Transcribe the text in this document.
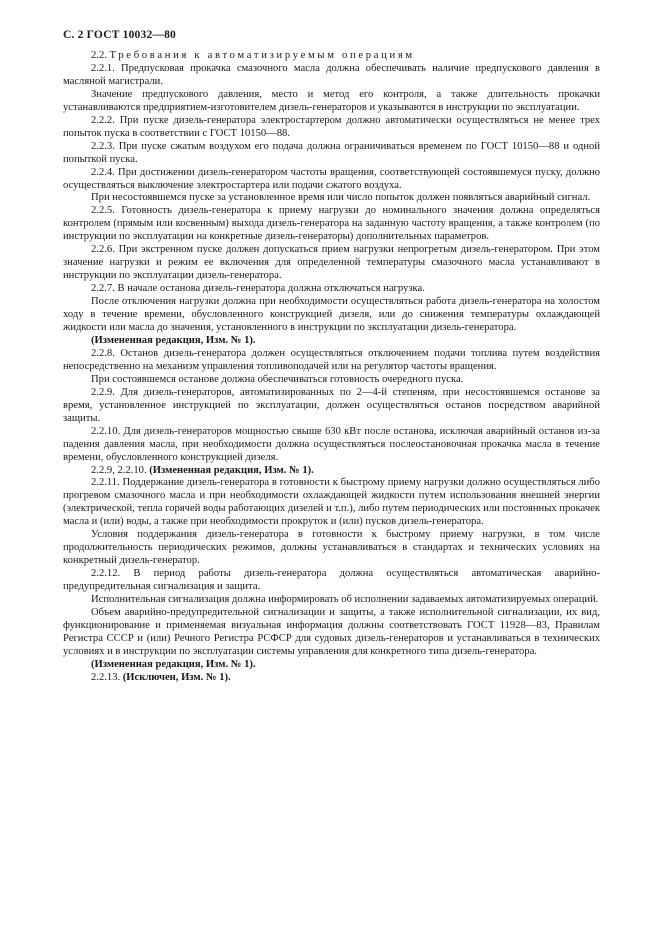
С. 2 ГОСТ 10032—80

2.2. Требования к автоматизируемым операциям

2.2.1. Предпусковая прокачка смазочного масла должна обеспечивать наличие предпускового давления в масляной магистрали.

Значение предпускового давления, место и метод его контроля, а также длительность прокачки устанавливаются предприятием-изготовителем дизель-генераторов и указываются в инструкции по эксплуатации.

2.2.2. При пуске дизель-генератора электростартером должно автоматически осуществляться не менее трех попыток пуска в соответствии с ГОСТ 10150—88.

2.2.3. При пуске сжатым воздухом его подача должна ограничиваться временем по ГОСТ 10150—88 и одной попыткой пуска.

2.2.4. При достижении дизель-генератором частоты вращения, соответствующей состоявшемуся пуску, должно осуществляться выключение электростартера или подачи сжатого воздуха.

При несостоявшемся пуске за установленное время или число попыток должен появляться аварийный сигнал.

2.2.5. Готовность дизель-генератора к приему нагрузки до номинального значения должна определяться контролем (прямым или косвенным) выхода дизель-генератора на заданную частоту вращения, а также контролем (по инструкции по эксплуатации на конкретные дизель-генераторы) дополнительных параметров.

2.2.6. При экстренном пуске должен допускаться прием нагрузки непрогретым дизель-генератором. При этом значение нагрузки и режим ее включения для определенной температуры смазочного масла устанавливают в инструкции по эксплуатации дизель-генератора.

2.2.7. В начале останова дизель-генератора должна отключаться нагрузка.

После отключения нагрузки должна при необходимости осуществляться работа дизель-генератора на холостом ходу в течение времени, обусловленного конструкцией дизеля, или до снижения температуры охлаждающей жидкости или масла до значения, установленного в инструкции по эксплуатации дизель-генератора.

(Измененная редакция, Изм. № 1).

2.2.8. Останов дизель-генератора должен осуществляться отключением подачи топлива путем воздействия непосредственно на механизм управления топливоподачей или на регулятор частоты вращения.

При состоявшемся останове должна обеспечиваться готовность очередного пуска.

2.2.9. Для дизель-генераторов, автоматизированных по 2—4-й степеням, при несостоявшемся останове за время, установленное инструкцией по эксплуатации, должен осуществляться останов посредством аварийной защиты.

2.2.10. Для дизель-генераторов мощностью свыше 630 кВт после останова, исключая аварийный останов из-за падения давления масла, при необходимости должна осуществляться послеостановочная прокачка масла в течение времени, обусловленного конструкцией дизеля.

2.2.9, 2.2.10. (Измененная редакция, Изм. № 1).

2.2.11. Поддержание дизель-генератора в готовности к быстрому приему нагрузки должно осуществляться либо прогревом смазочного масла и при необходимости охлаждающей жидкости путем использования внешней энергии (электрической, тепла горячей воды работающих дизелей и т.п.), либо путем периодических или постоянных прокачек масла и (или) воды, а также при необходимости прокруток и (или) пусков дизель-генератора.

Условия поддержания дизель-генератора в готовности к быстрому приему нагрузки, в том числе продолжительность периодических режимов, должны устанавливаться в стандартах и технических условиях на конкретный дизель-генератор.

2.2.12. В период работы дизель-генератора должна осуществляться автоматическая аварийно-предупредительная сигнализация и защита.

Исполнительная сигнализация должна информировать об исполнении задаваемых автоматизируемых операций.

Объем аварийно-предупредительной сигнализации и защиты, а также исполнительной сигнализации, их вид, функционирование и применяемая визуальная информация должны соответствовать ГОСТ 11928—83, Правилам Регистра СССР и (или) Речного Регистра РСФСР для судовых дизель-генераторов и устанавливаться в технических условиях и в инструкции по эксплуатации системы управления для конкретного типа дизель-генератора.

(Измененная редакция, Изм. № 1).

2.2.13. (Исключен, Изм. № 1).
